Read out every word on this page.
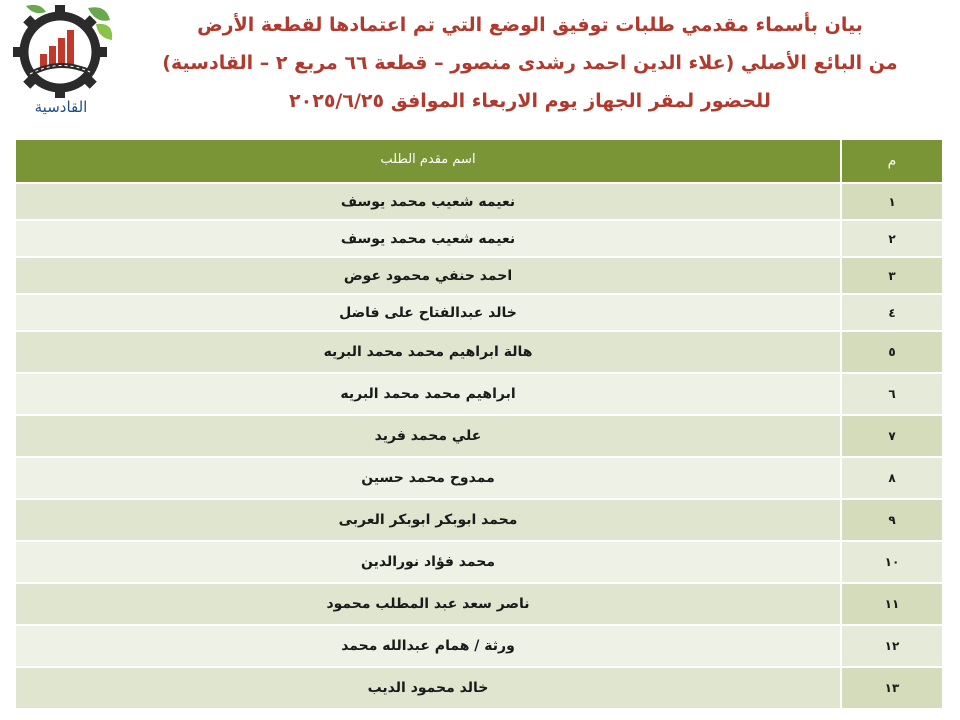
بيان بأسماء مقدمي طلبات توفيق الوضع التي تم اعتمادها لقطعة الأرض
من البائع الأصلي (علاء الدين احمد رشدى منصور – قطعة ٦٦ مربع ٢ – القادسية)
للحضور لمقر الجهاز يوم الاربعاء الموافق ٢٠٢٥/٦/٢٥
القادسية
م	اسم مقدم الطلب
١	نعيمه شعيب محمد يوسف
٢	نعيمه شعيب محمد يوسف
٣	احمد حنفي محمود عوض
٤	خالد عبدالفتاح على فاضل
٥	هالة ابراهيم محمد محمد البريه
٦	ابراهيم محمد محمد البريه
٧	علي محمد فريد
٨	ممدوح محمد حسين
٩	محمد ابوبكر ابوبكر العربى
١٠	محمد فؤاد نورالدين
١١	ناصر سعد عبد المطلب محمود
١٢	ورثة / همام عبدالله محمد
١٣	خالد محمود الديب
